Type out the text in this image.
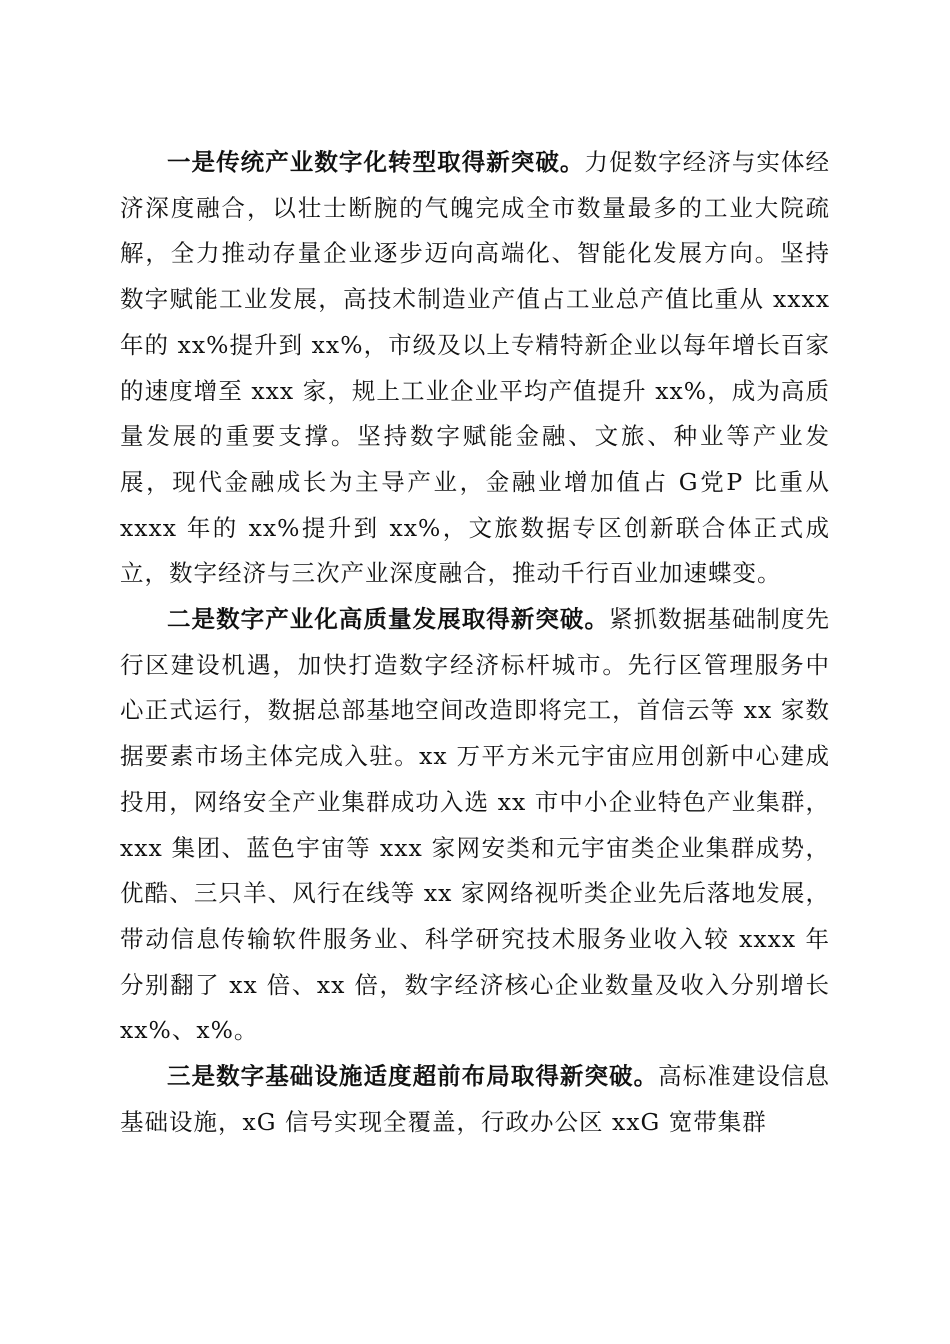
一是传统产业数字化转型取得新突破。力促数字经济与实体经济深度融合，以壮士断腕的气魄完成全市数量最多的工业大院疏解，全力推动存量企业逐步迈向高端化、智能化发展方向。坚持数字赋能工业发展，高技术制造业产值占工业总产值比重从 xxxx 年的 xx%提升到 xx%，市级及以上专精特新企业以每年增长百家的速度增至 xxx 家，规上工业企业平均产值提升 xx%，成为高质量发展的重要支撑。坚持数字赋能金融、文旅、种业等产业发展，现代金融成长为主导产业，金融业增加值占 G党P 比重从 xxxx 年的 xx%提升到 xx%，文旅数据专区创新联合体正式成立，数字经济与三次产业深度融合，推动千行百业加速蝶变。

二是数字产业化高质量发展取得新突破。紧抓数据基础制度先行区建设机遇，加快打造数字经济标杆城市。先行区管理服务中心正式运行，数据总部基地空间改造即将完工，首信云等 xx 家数据要素市场主体完成入驻。xx 万平方米元宇宙应用创新中心建成投用，网络安全产业集群成功入选 xx 市中小企业特色产业集群，xxx 集团、蓝色宇宙等 xxx 家网安类和元宇宙类企业集群成势，优酷、三只羊、风行在线等 xx 家网络视听类企业先后落地发展，带动信息传输软件服务业、科学研究技术服务业收入较 xxxx 年分别翻了 xx 倍、xx 倍，数字经济核心企业数量及收入分别增长 xx%、x%。

三是数字基础设施适度超前布局取得新突破。高标准建设信息基础设施，xG 信号实现全覆盖，行政办公区 xxG 宽带集群
